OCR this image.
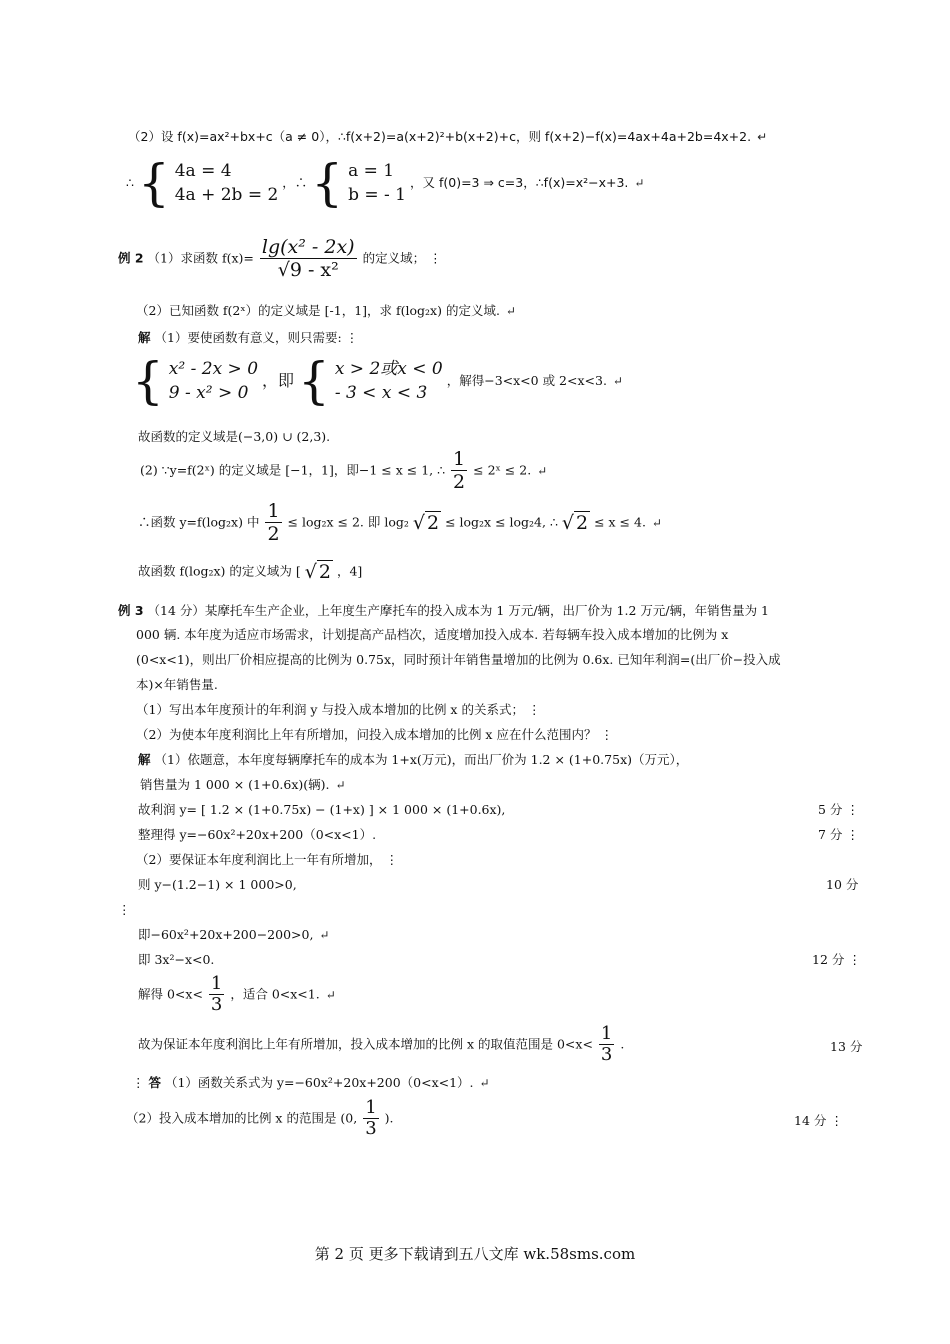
（2）设 f(x)=ax²+bx+c（a ≠ 0），∴f(x+2)=a(x+2)²+b(x+2)+c，则 f(x+2)−f(x)=4ax+4a+2b=4x+2. ↵
∴ { 4a = 4
4a + 2b = 2
，∴ { a = 1
b = - 1
，又 f(0)=3 ⇒ c=3，∴f(x)=x²−x+3. ↵
例 2 （1）求函数 $f(x)= \frac{\text{lg(x² - 2x)}}{\text{√9 - x²}}$ 的定义域； ⋮
（2）已知函数 f(2ˣ）的定义域是 [-1，1]，求 f(log₂x) 的定义域. ↵
解 （1）要使函数有意义，则只需要: ⋮
{ x² - 2x > 0
9 - x² > 0
，即 { x > 2或x < 0
- 3 < x < 3
，解得−3<x<0 或 2<x<3. ↵
故函数的定义域是(−3,0) ∪ (2,3).
(2) ∵y=f(2ˣ) 的定义域是 [−1，1]，即−1 ≤ x ≤ 1, ∴ $\frac{1}{2}$ ≤ 2ˣ ≤ 2. ↵
∴函数 y=f(log₂x) 中 $\frac{1}{2} \le \log_2x \le 2$. 即 log₂ √ 2 ≤ log₂x ≤ log₂4, ∴ √ 2 ≤ x ≤ 4. ↵
故函数 f(log₂x) 的定义域为 [ √ 2 ，4]
例 3 （14 分）某摩托车生产企业，上年度生产摩托车的投入成本为 1 万元/辆，出厂价为 1.2 万元/辆，年销售量为 1
000 辆. 本年度为适应市场需求，计划提高产品档次，适度增加投入成本. 若每辆车投入成本增加的比例为 x
(0<x<1)，则出厂价相应提高的比例为 0.75x，同时预计年销售量增加的比例为 0.6x. 已知年利润=(出厂价−投入成
本)×年销售量.
（1）写出本年度预计的年利润 y 与投入成本增加的比例 x 的关系式； ⋮
（2）为使本年度利润比上年有所增加，问投入成本增加的比例 x 应在什么范围内？ ⋮
解 （1）依题意，本年度每辆摩托车的成本为 1+x(万元)，而出厂价为 1.2 × (1+0.75x)（万元），
销售量为 1 000 × (1+0.6x)(辆). ↵
故利润 y= [ 1.2 × (1+0.75x) − (1+x) ] × 1 000 × (1+0.6x),	5 分 ⋮
整理得 y=−60x²+20x+200（0<x<1）.	7 分 ⋮
（2）要保证本年度利润比上一年有所增加， ⋮
则 y−(1.2−1) × 1 000>0,	10 分
⋮
即−60x²+20x+200−200>0, ↵
即 3x²−x<0.	12 分 ⋮
解得 $0<x< \frac{1}{3}$ ，适合 0<x<1. ↵
故为保证本年度利润比上年有所增加，投入成本增加的比例 x 的取值范围是 $0<x< \frac{1}{3}$ .	13 分
⋮ 答 （1）函数关系式为 y=−60x²+20x+200（0<x<1）. ↵
（2）投入成本增加的比例 x 的范围是 (0, $\frac{1}{3}$ ).	14 分 ⋮
第 2 页 更多下载请到五八文库 wk.58sms.com
